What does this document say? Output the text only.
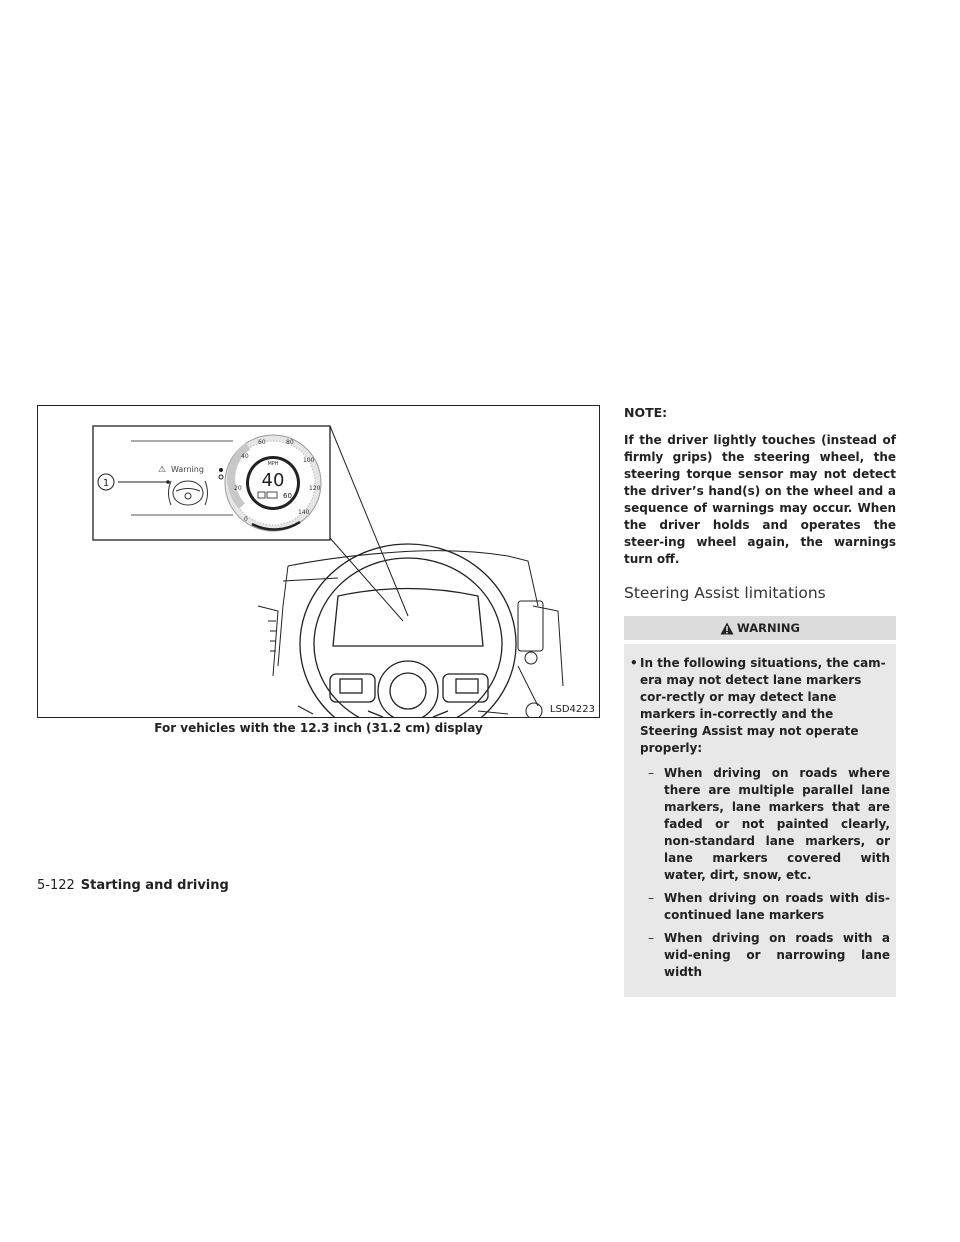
1
⚠ Warning
MPH
40
60
0
20
40
60	80
100
120
140
LSD4223
For vehicles with the 12.3 inch (31.2 cm) display
NOTE:

If the driver lightly touches (instead of firmly grips) the steering wheel, the steering torque sensor may not detect the driver’s hand(s) on the wheel and a sequence of warnings may occur. When the driver holds and operates the steer-ing wheel again, the warnings turn off.

Steering Assist limitations
WARNING
• In the following situations, the cam-era may not detect lane markers cor-rectly or may detect lane markers in-correctly and the Steering Assist may not operate properly:
– When driving on roads where there are multiple parallel lane markers, lane markers that are faded or not painted clearly, non-standard lane markers, or lane markers covered with water, dirt, snow, etc.
– When driving on roads with dis-continued lane markers
– When driving on roads with a wid-ening or narrowing lane width
5-122 Starting and driving
